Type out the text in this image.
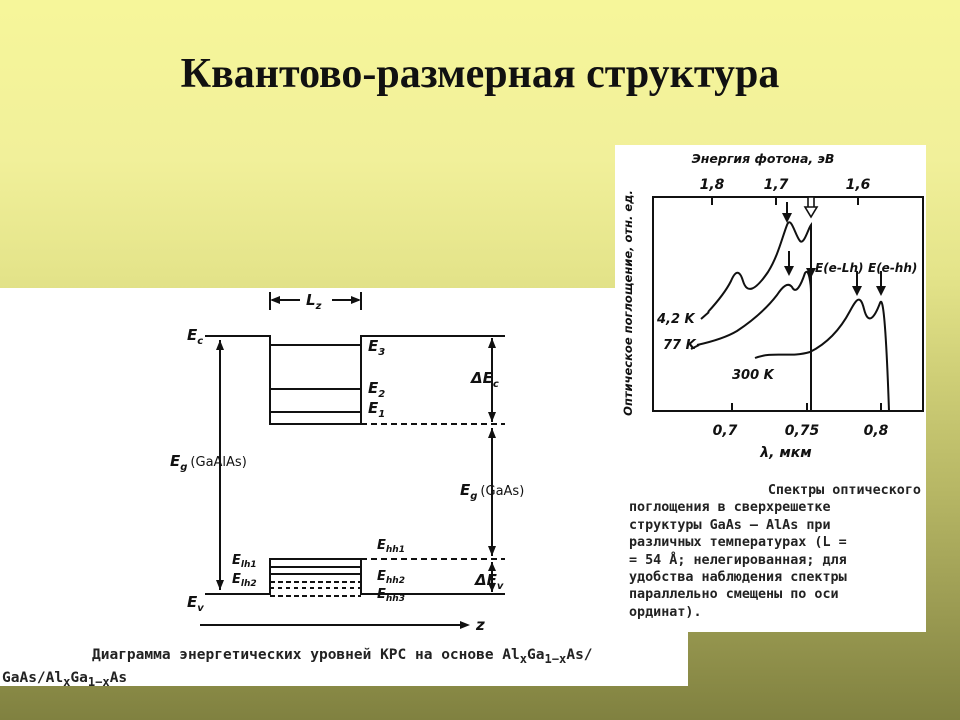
Квантово-размерная структура
$L_z$
$E_c$
$E_v$
$E_3$
$E_2$
$E_1$
$\Delta E_c$
$\Delta E_v$
$E_g$ $^{(GaAlAs)}$
$E_g$ $^{(GaAs)}$
$E_{lh1}$
$E_{lh2}$
$E_{hh1}$
$E_{hh2}$
$E_{hh3}$
z
Диаграмма энергетических уровней КРС на основе $Al_xGa_{1-x}As/$
GaAs/$Al_xGa_{1-x}As$
Энергия фотона, эВ
1,8	1,7	1,6
E(e-Lh) E(e-hh)
4,2 K
77 K
300 K
0,7	0,75	0,8
λ, мкм
Оптическое поглощение, отн. ед.
Спектры оптического
поглощения в сверхрешетке
структуры GaAs — AlAs при
различных температурах (L =
= 54 Å; нелегированная; для
удобства наблюдения спектры
параллельно смещены по оси
ординат).
